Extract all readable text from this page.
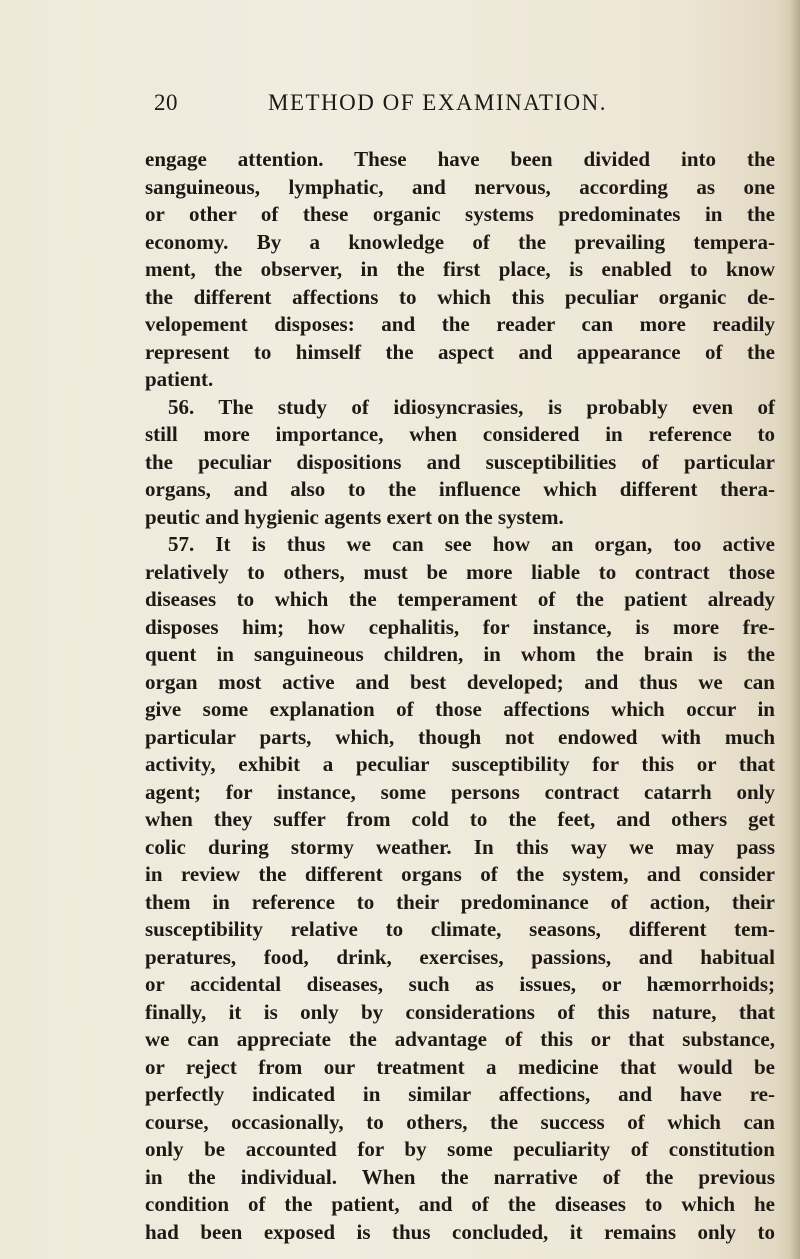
20	METHOD OF EXAMINATION.
engage attention. These have been divided into the
sanguineous, lymphatic, and nervous, according as one
or other of these organic systems predominates in the
economy. By a knowledge of the prevailing tempera-
ment, the observer, in the first place, is enabled to know
the different affections to which this peculiar organic de-
velopement disposes: and the reader can more readily
represent to himself the aspect and appearance of the
patient.
56. The study of idiosyncrasies, is probably even of
still more importance, when considered in reference to
the peculiar dispositions and susceptibilities of particular
organs, and also to the influence which different thera-
peutic and hygienic agents exert on the system.
57. It is thus we can see how an organ, too active
relatively to others, must be more liable to contract those
diseases to which the temperament of the patient already
disposes him; how cephalitis, for instance, is more fre-
quent in sanguineous children, in whom the brain is the
organ most active and best developed; and thus we can
give some explanation of those affections which occur in
particular parts, which, though not endowed with much
activity, exhibit a peculiar susceptibility for this or that
agent; for instance, some persons contract catarrh only
when they suffer from cold to the feet, and others get
colic during stormy weather. In this way we may pass
in review the different organs of the system, and consider
them in reference to their predominance of action, their
susceptibility relative to climate, seasons, different tem-
peratures, food, drink, exercises, passions, and habitual
or accidental diseases, such as issues, or hæmorrhoids;
finally, it is only by considerations of this nature, that
we can appreciate the advantage of this or that substance,
or reject from our treatment a medicine that would be
perfectly indicated in similar affections, and have re-
course, occasionally, to others, the success of which can
only be accounted for by some peculiarity of constitution
in the individual. When the narrative of the previous
condition of the patient, and of the diseases to which he
had been exposed is thus concluded, it remains only to
